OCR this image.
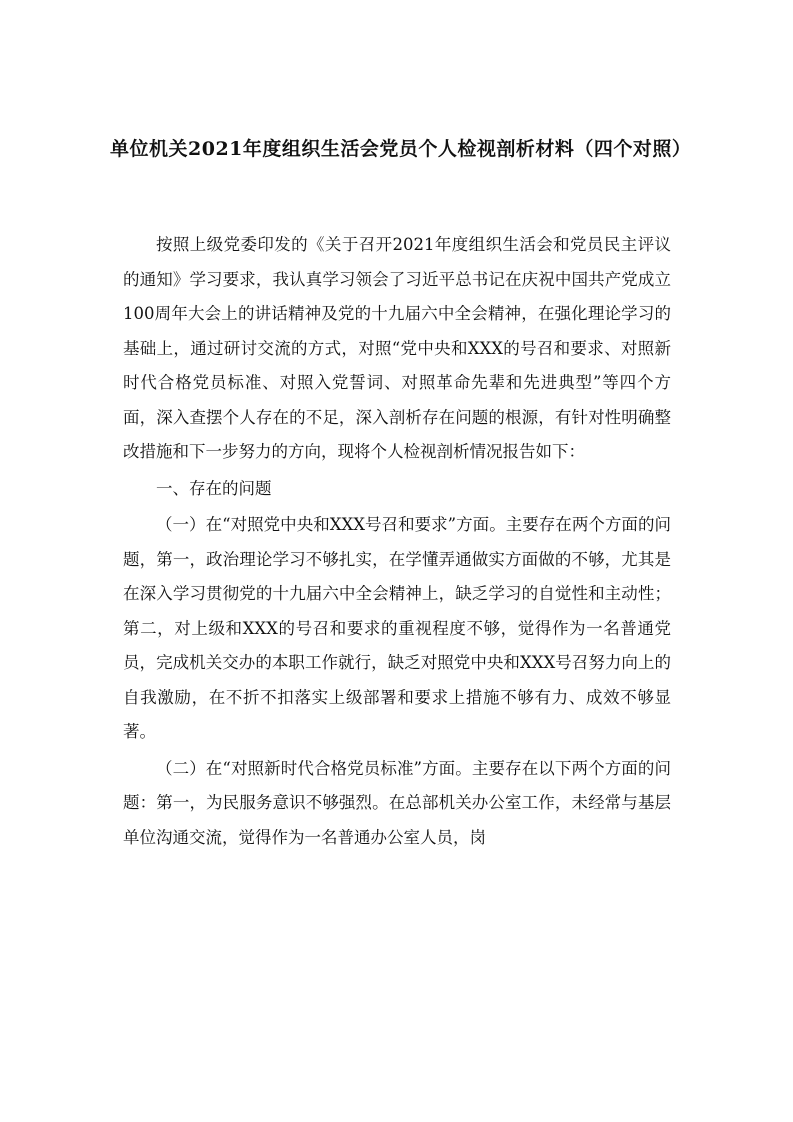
单位机关2021年度组织生活会党员个人检视剖析材料（四个对照）

按照上级党委印发的《关于召开2021年度组织生活会和党员民主评议的通知》学习要求，我认真学习领会了习近平总书记在庆祝中国共产党成立100周年大会上的讲话精神及党的十九届六中全会精神，在强化理论学习的基础上，通过研讨交流的方式，对照“党中央和XXX的号召和要求、对照新时代合格党员标准、对照入党誓词、对照革命先辈和先进典型”等四个方面，深入查摆个人存在的不足，深入剖析存在问题的根源，有针对性明确整改措施和下一步努力的方向，现将个人检视剖析情况报告如下：

一、存在的问题

（一）在“对照党中央和XXX号召和要求”方面。主要存在两个方面的问题，第一，政治理论学习不够扎实，在学懂弄通做实方面做的不够，尤其是在深入学习贯彻党的十九届六中全会精神上，缺乏学习的自觉性和主动性；第二，对上级和XXX的号召和要求的重视程度不够，觉得作为一名普通党员，完成机关交办的本职工作就行，缺乏对照党中央和XXX号召努力向上的自我激励，在不折不扣落实上级部署和要求上措施不够有力、成效不够显著。

（二）在“对照新时代合格党员标准”方面。主要存在以下两个方面的问题：第一，为民服务意识不够强烈。在总部机关办公室工作，未经常与基层单位沟通交流，觉得作为一名普通办公室人员，岗
